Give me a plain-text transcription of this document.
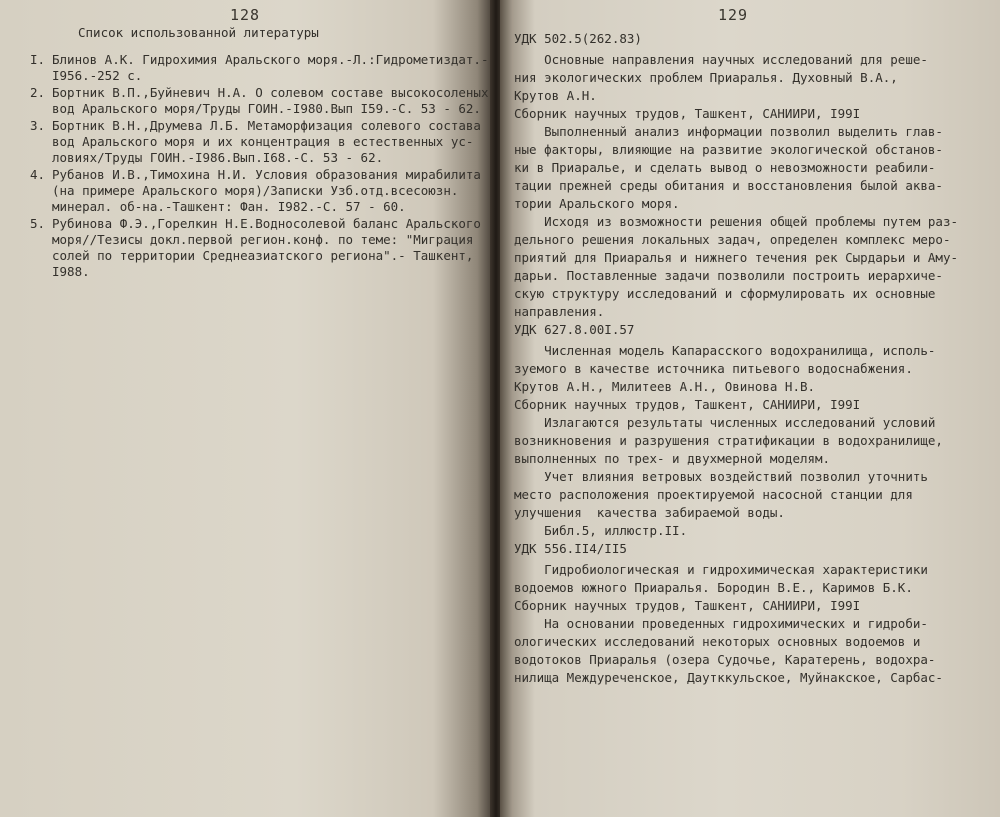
128
Список использованной литературы
I. Блинов А.К. Гидрохимия Аральского моря.-Л.:Гидрометиздат.-
I956.-252 с.
2. Бортник В.П.,Буйневич Н.А. О солевом составе высокосоленых
вод Аральского моря/Труды ГОИН.-I980.Вып I59.-С. 53 - 62.
3. Бортник В.Н.,Друмева Л.Б. Метаморфизация солевого состава
вод Аральского моря и их концентрация в естественных ус-
ловиях/Труды ГОИН.-I986.Вып.I68.-С. 53 - 62.
4. Рубанов И.В.,Тимохина Н.И. Условия образования мирабилита
(на примере Аральского моря)/Записки Узб.отд.всесоюзн.
минерал. об-на.-Ташкент: Фан. I982.-С. 57 - 60.
5. Рубинова Ф.Э.,Горелкин Н.Е.Водносолевой баланс Аральского
моря//Тезисы докл.первой регион.конф. по теме: "Миграция
солей по территории Среднеазиатского региона".- Ташкент,
I988.
129
УДК 502.5(262.83)
Основные направления научных исследований для реше-
ния экологических проблем Приаралья. Духовный В.А.,
Крутов А.Н.
Сборник научных трудов, Ташкент, САНИИРИ, I99I
Выполненный анализ информации позволил выделить глав-
ные факторы, влияющие на развитие экологической обстанов-
ки в Приаралье, и сделать вывод о невозможности реабили-
тации прежней среды обитания и восстановления былой аква-
тории Аральского моря.
Исходя из возможности решения общей проблемы путем раз-
дельного решения локальных задач, определен комплекс меро-
приятий для Приаралья и нижнего течения рек Сырдарьи и Аму-
дарьи. Поставленные задачи позволили построить иерархиче-
скую структуру исследований и сформулировать их основные
направления.
УДК 627.8.00I.57
Численная модель Капарасского водохранилища, исполь-
зуемого в качестве источника питьевого водоснабжения.
Крутов А.Н., Милитеев А.Н., Овинова Н.В.
Сборник научных трудов, Ташкент, САНИИРИ, I99I
Излагаются результаты численных исследований условий
возникновения и разрушения стратификации в водохранилище,
выполненных по трех- и двухмерной моделям.
Учет влияния ветровых воздействий позволил уточнить
место расположения проектируемой насосной станции для
улучшения  качества забираемой воды.
Библ.5, иллюстр.II.
УДК 556.II4/II5
Гидробиологическая и гидрохимическая характеристики
водоемов южного Приаралья. Бородин В.Е., Каримов Б.К.
Сборник научных трудов, Ташкент, САНИИРИ, I99I
На основании проведенных гидрохимических и гидроби-
ологических исследований некоторых основных водоемов и
водотоков Приаралья (озера Судочье, Каратерень, водохра-
нилища Междуреченское, Даутккульское, Муйнакское, Сарбас-
